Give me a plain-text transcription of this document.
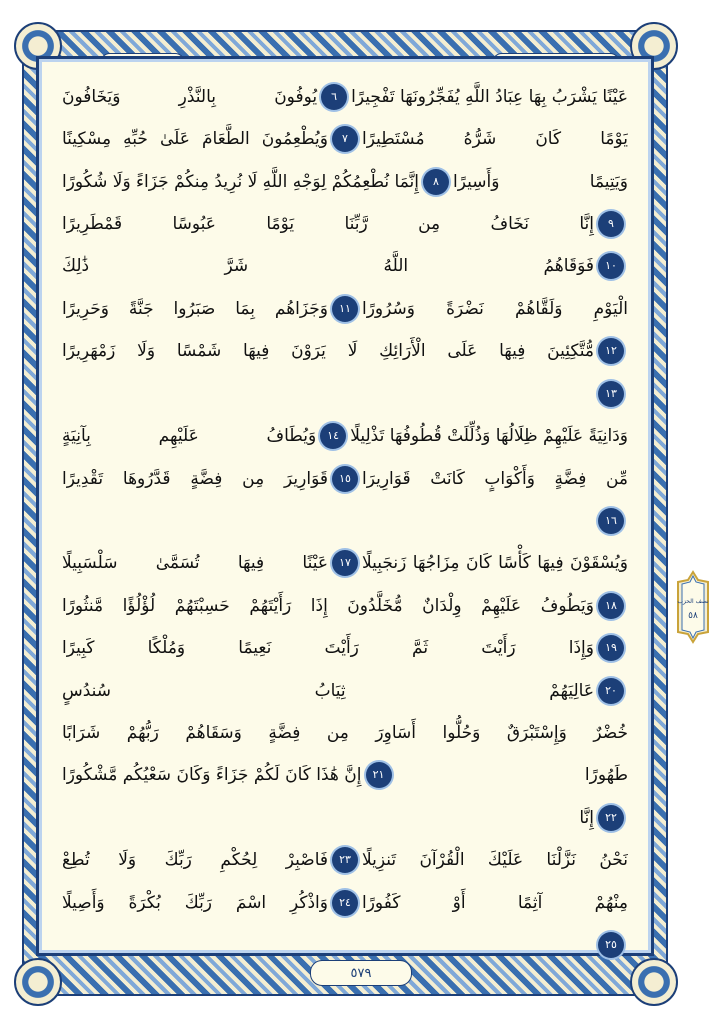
عَيْنًا يَشْرَبُ بِهَا عِبَادُ اللَّهِ يُفَجِّرُونَهَا تَفْجِيرًا
٦
يُوفُونَ بِالنَّذْرِ وَيَخَافُونَ
يَوْمًا كَانَ شَرُّهُ مُسْتَطِيرًا
٧
وَيُطْعِمُونَ الطَّعَامَ عَلَىٰ حُبِّهِ مِسْكِينًا
وَيَتِيمًا وَأَسِيرًا
٨
إِنَّمَا نُطْعِمُكُمْ لِوَجْهِ اللَّهِ لَا نُرِيدُ مِنكُمْ جَزَاءً وَلَا شُكُورًا
٩
إِنَّا نَخَافُ مِن رَّبِّنَا يَوْمًا عَبُوسًا قَمْطَرِيرًا
١٠
فَوَقَاهُمُ اللَّهُ شَرَّ ذَٰلِكَ
الْيَوْمِ وَلَقَّاهُمْ نَضْرَةً وَسُرُورًا
١١
وَجَزَاهُم بِمَا صَبَرُوا جَنَّةً وَحَرِيرًا
١٢
مُّتَّكِئِينَ فِيهَا عَلَى الْأَرَائِكِ لَا يَرَوْنَ فِيهَا شَمْسًا وَلَا زَمْهَرِيرًا
١٣
وَدَانِيَةً عَلَيْهِمْ ظِلَالُهَا وَذُلِّلَتْ قُطُوفُهَا تَذْلِيلًا
١٤
وَيُطَافُ عَلَيْهِم بِآنِيَةٍ
مِّن فِضَّةٍ وَأَكْوَابٍ كَانَتْ قَوَارِيرَا
١٥
قَوَارِيرَ مِن فِضَّةٍ قَدَّرُوهَا تَقْدِيرًا
١٦
وَيُسْقَوْنَ فِيهَا كَأْسًا كَانَ مِزَاجُهَا زَنجَبِيلًا
١٧
عَيْنًا فِيهَا تُسَمَّىٰ سَلْسَبِيلًا
١٨
وَيَطُوفُ عَلَيْهِمْ وِلْدَانٌ مُّخَلَّدُونَ إِذَا رَأَيْتَهُمْ حَسِبْتَهُمْ لُؤْلُؤًا مَّنثُورًا
١٩
وَإِذَا رَأَيْتَ ثَمَّ رَأَيْتَ نَعِيمًا وَمُلْكًا كَبِيرًا
٢٠
عَالِيَهُمْ ثِيَابُ سُندُسٍ
خُضْرٌ وَإِسْتَبْرَقٌ وَحُلُّوا أَسَاوِرَ مِن فِضَّةٍ وَسَقَاهُمْ رَبُّهُمْ شَرَابًا
طَهُورًا
٢١
إِنَّ هَٰذَا كَانَ لَكُمْ جَزَاءً وَكَانَ سَعْيُكُم مَّشْكُورًا
٢٢
إِنَّا
نَحْنُ نَزَّلْنَا عَلَيْكَ الْقُرْآنَ تَنزِيلًا
٢٣
فَاصْبِرْ لِحُكْمِ رَبِّكَ وَلَا تُطِعْ
مِنْهُمْ آثِمًا أَوْ كَفُورًا
٢٤
وَاذْكُرِ اسْمَ رَبِّكَ بُكْرَةً وَأَصِيلًا
٢٥
٥٧٩
نصف الحزب
٥٨
